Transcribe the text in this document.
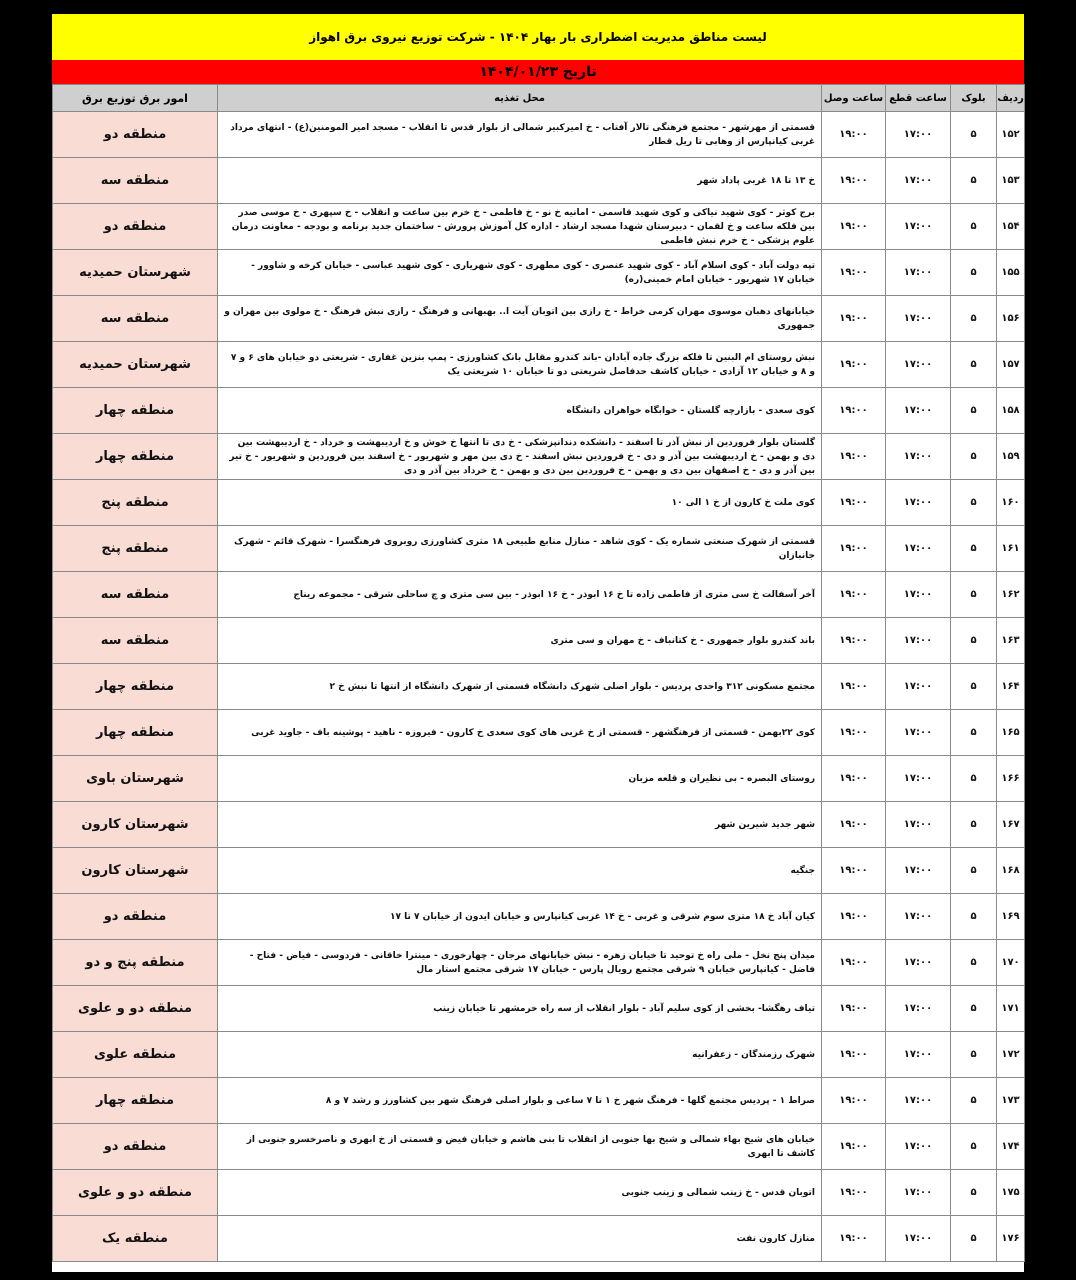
لیست مناطق مدیریت اضطراری بار بهار ۱۴۰۴ - شرکت توزیع نیروی برق اهواز
تاریخ ۱۴۰۴/۰۱/۲۳
ردیف	بلوک	ساعت قطع	ساعت وصل	محل تغذیه	امور برق توزیع برق
۱۵۲	۵	۱۷:۰۰	۱۹:۰۰	قسمتی از مهرشهر - مجتمع فرهنگی تالار آفتاب - خ امیرکبیر شمالی از بلوار قدس تا انقلاب - مسجد امیر المومنین(ع) - انتهای مرداد غربی کیانپارس از وهابی تا ریل قطار	منطقه دو
۱۵۳	۵	۱۷:۰۰	۱۹:۰۰	خ ۱۳ تا ۱۸ غربی پاداد شهر	منطقه سه
۱۵۴	۵	۱۷:۰۰	۱۹:۰۰	برج کوثر - کوی شهید نیاکی و کوی شهید قاسمی - امانیه خ نو - خ فاطمی - خ خرم بین ساعت و انقلاب - خ سپهری - خ موسی صدر بین فلکه ساعت و خ لقمان - دبیرستان شهدا مسجد ارشاد - اداره کل آموزش پرورش - ساختمان جدید برنامه و بودجه - معاونت درمان علوم پزشکی - خ خرم نبش فاطمی	منطقه دو
۱۵۵	۵	۱۷:۰۰	۱۹:۰۰	تپه دولت آباد - کوی اسلام آباد - کوی شهید عنصری - کوی مطهری - کوی شهریاری - کوی شهید عباسی - خیابان کرخه و شاوور - خیابان ۱۷ شهریور - خیابان امام خمینی(ره)	شهرستان حمیدیه
۱۵۶	۵	۱۷:۰۰	۱۹:۰۰	خیابانهای دهبان موسوی مهران کرمی خراط - خ رازی بین اتوبان آیت ا.. بهبهانی و فرهنگ - رازی نبش فرهنگ - خ مولوی بین مهران و جمهوری	منطقه سه
۱۵۷	۵	۱۷:۰۰	۱۹:۰۰	نبش روستای ام البنین تا فلکه بزرگ جاده آبادان -باند کندرو مقابل بانک کشاورزی - پمپ بنزین غفاری - شریعتی دو خیابان های ۶ و ۷ و ۸ و خیابان ۱۲ آزادی - خیابان کاشف حدفاصل شریعتی دو تا خیابان ۱۰ شریعتی یک	شهرستان حمیدیه
۱۵۸	۵	۱۷:۰۰	۱۹:۰۰	کوی سعدی - بازارچه گلستان - خوابگاه خواهران دانشگاه	منطقه چهار
۱۵۹	۵	۱۷:۰۰	۱۹:۰۰	گلستان بلوار فروردین از نبش آذر تا اسفند - دانشکده دندانپزشکی - خ دی تا انتها خ خوش و خ اردیبهشت و خرداد - خ اردیبهشت بین دی و بهمن - خ اردیبهشت بین آذر و دی - خ فروردین نبش اسفند - خ دی بین مهر و شهریور - خ اسفند بین فروردین و شهریور - خ تیر بین آذر و دی - خ اصفهان بین دی و بهمن - خ فروردین بین دی و بهمن - خ خرداد بین آذر و دی	منطقه چهار
۱۶۰	۵	۱۷:۰۰	۱۹:۰۰	کوی ملت خ کارون از خ ۱ الی ۱۰	منطقه پنج
۱۶۱	۵	۱۷:۰۰	۱۹:۰۰	قسمتی از شهرک صنعتی شماره یک - کوی شاهد - منازل منابع طبیعی ۱۸ متری کشاورزی روبروی فرهنگسرا - شهرک قائم - شهرک جانبازان	منطقه پنج
۱۶۲	۵	۱۷:۰۰	۱۹:۰۰	آخر آسفالت خ سی متری از فاطمی زاده تا خ ۱۶ ابوذر - خ ۱۶ ابوذر - بین سی متری و چ ساحلی شرقی - مجموعه ریناج	منطقه سه
۱۶۳	۵	۱۷:۰۰	۱۹:۰۰	باند کندرو بلوار جمهوری - خ کتانباف - خ مهران و سی متری	منطقه سه
۱۶۴	۵	۱۷:۰۰	۱۹:۰۰	مجتمع مسکونی ۳۱۲ واحدی پردیس - بلوار اصلی شهرک دانشگاه قسمتی از شهرک دانشگاه از انتها تا نبش خ ۲	منطقه چهار
۱۶۵	۵	۱۷:۰۰	۱۹:۰۰	کوی ۲۲بهمن - قسمتی از فرهنگشهر - قسمتی از خ غربی های کوی سعدی خ کارون - فیروزه - ناهید - پوشینه باف - جاوید غربی	منطقه چهار
۱۶۶	۵	۱۷:۰۰	۱۹:۰۰	روستای البصره - بی نظیران و قلعه مزبان	شهرستان باوی
۱۶۷	۵	۱۷:۰۰	۱۹:۰۰	شهر جدید شیرین شهر	شهرستان کارون
۱۶۸	۵	۱۷:۰۰	۱۹:۰۰	جنگیه	شهرستان کارون
۱۶۹	۵	۱۷:۰۰	۱۹:۰۰	کیان آباد خ ۱۸ متری سوم شرقی و غربی - خ ۱۴ غربی کیانپارس و خیابان ایدون از خیابان ۷ تا ۱۷	منطقه دو
۱۷۰	۵	۱۷:۰۰	۱۹:۰۰	میدان پنج نخل - ملی راه خ توحید تا خیابان زهره - نبش خیابانهای مرجان - چهارخوری - مینترا خاقانی - فردوسی - فیاض - فتاح - فاضل - کیانپارس خیابان ۹ شرقی مجتمع رویال پارس - خیابان ۱۷ شرقی مجتمع استار مال	منطقه پنج و دو
۱۷۱	۵	۱۷:۰۰	۱۹:۰۰	تیاف رهگشا- بخشی از کوی سلیم آباد - بلوار انقلاب از سه راه خرمشهر تا خیابان زینب	منطقه دو و علوی
۱۷۲	۵	۱۷:۰۰	۱۹:۰۰	شهرک رزمندگان - زعفرانیه	منطقه علوی
۱۷۳	۵	۱۷:۰۰	۱۹:۰۰	صراط ۱ - پردیس مجتمع گلها - فرهنگ شهر خ ۱ تا ۷ ساعی و بلوار اصلی فرهنگ شهر بین کشاورز و رشد ۷ و ۸	منطقه چهار
۱۷۴	۵	۱۷:۰۰	۱۹:۰۰	خیابان های شیخ بهاء شمالی و شیخ بها جنوبی از انقلاب تا بنی هاشم و خیابان فیض و قسمتی از خ ابهری و ناصرخسرو جنوبی از کاشف تا ابهری	منطقه دو
۱۷۵	۵	۱۷:۰۰	۱۹:۰۰	اتوبان قدس - خ زینب شمالی و زینب جنوبی	منطقه دو و علوی
۱۷۶	۵	۱۷:۰۰	۱۹:۰۰	منازل کارون نفت	منطقه یک
